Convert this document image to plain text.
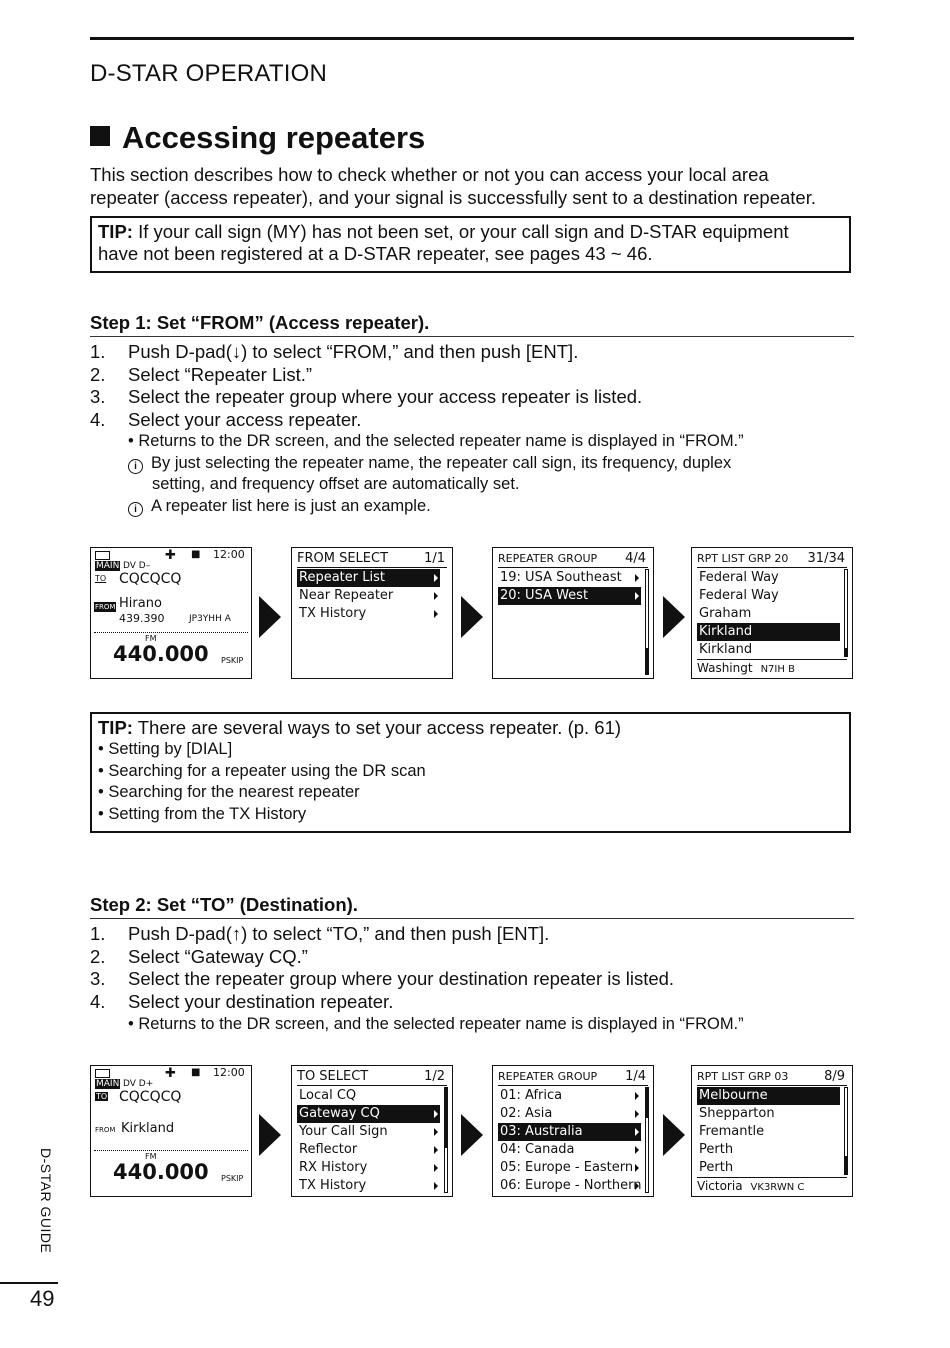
D-STAR OPERATION
Accessing repeaters
This section describes how to check whether or not you can access your local area
repeater (access repeater), and your signal is successfully sent to a destination repeater.
TIP: If your call sign (MY) has not been set, or your call sign and D-STAR equipment
have not been registered at a D-STAR repeater, see pages 43 ~ 46.
Step 1: Set “FROM” (Access repeater).
1.	Push D-pad(↓) to select “FROM,” and then push [ENT].
2.	Select “Repeater List.”
3.	Select the repeater group where your access repeater is listed.
4.	Select your access repeater.
• Returns to the DR screen, and the selected repeater name is displayed in “FROM.”
i By just selecting the repeater name, the repeater call sign, its frequency, duplex
setting, and frequency offset are automatically set.
i A repeater list here is just an example.
✚ ■ 12:00
MAIN DV D–
TO CQCQCQ
FROM Hirano
439.390	JP3YHH A
FM
440.000 PSKIP
FROM SELECT	1/1
Repeater List
Near Repeater
TX History
REPEATER GROUP 4/4
19: USA Southeast
20: USA West
RPT LIST GRP 20 31/34
Federal Way
Federal Way
Graham
Kirkland
Kirkland
Washingt N7IH B
TIP: There are several ways to set your access repeater. (p. 61)
• Setting by [DIAL]
• Searching for a repeater using the DR scan
• Searching for the nearest repeater
• Setting from the TX History
Step 2: Set “TO” (Destination).
1.	Push D-pad(↑) to select “TO,” and then push [ENT].
2.	Select “Gateway CQ.”
3.	Select the repeater group where your destination repeater is listed.
4.	Select your destination repeater.
• Returns to the DR screen, and the selected repeater name is displayed in “FROM.”
✚ ■ 12:00
MAIN DV D+
TO CQCQCQ
FROM Kirkland
FM
440.000 PSKIP
TO SELECT	1/2
Local CQ
Gateway CQ
Your Call Sign
Reflector
RX History
TX History
REPEATER GROUP 1/4
01: Africa
02: Asia
03: Australia
04: Canada
05: Europe - Eastern
06: Europe - Northern
RPT LIST GRP 03	8/9
Melbourne
Shepparton
Fremantle
Perth
Perth
Victoria VK3RWN C
D-STAR GUIDE
49
